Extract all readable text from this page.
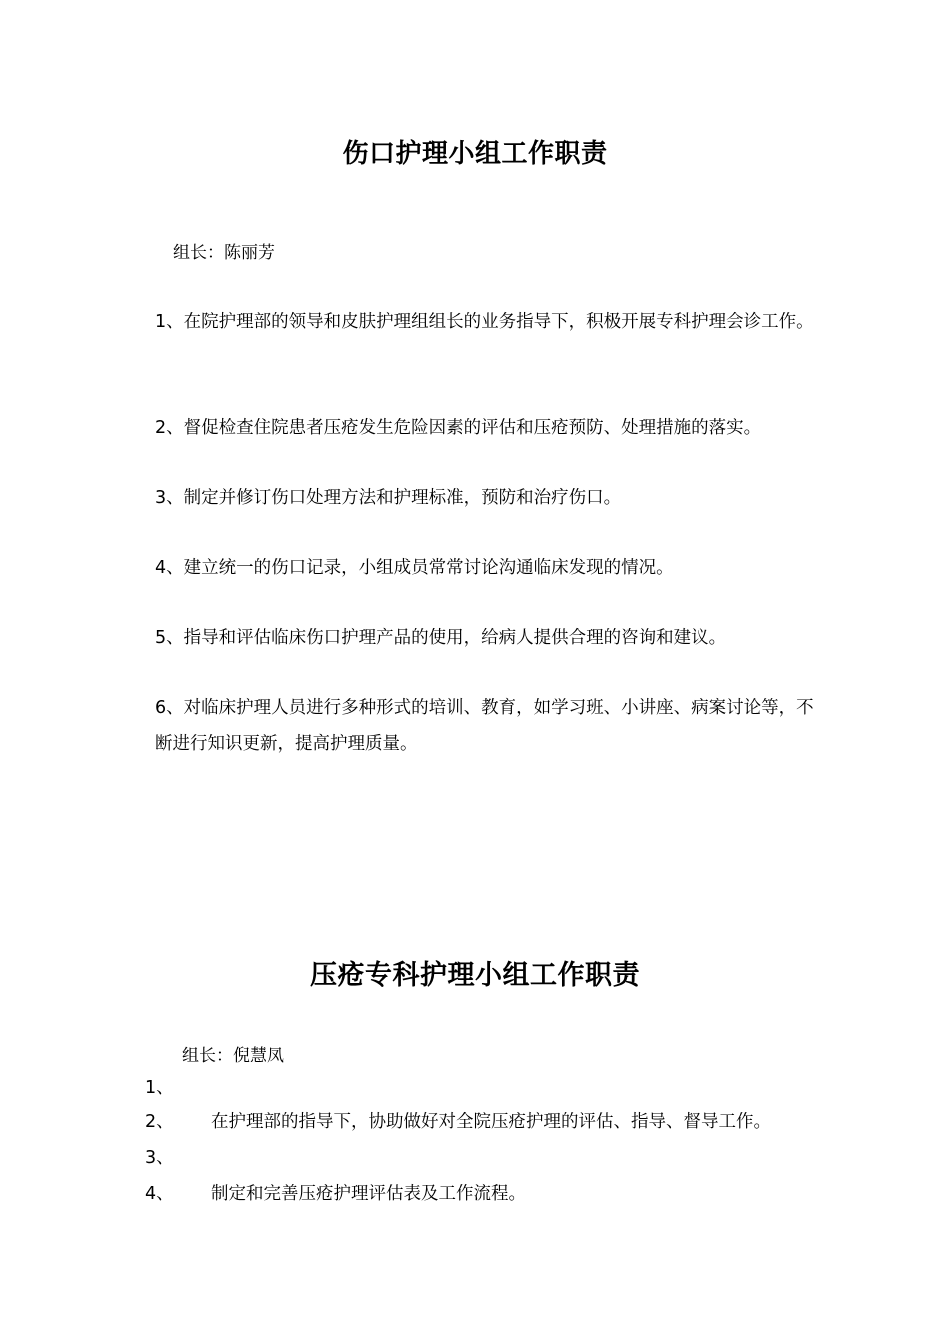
伤口护理小组工作职责
组长：陈丽芳
1、在院护理部的领导和皮肤护理组组长的业务指导下，积极开展专科护理会诊工作。
2、督促检查住院患者压疮发生危险因素的评估和压疮预防、处理措施的落实。
3、制定并修订伤口处理方法和护理标准，预防和治疗伤口。
4、建立统一的伤口记录，小组成员常常讨论沟通临床发现的情况。
5、指导和评估临床伤口护理产品的使用，给病人提供合理的咨询和建议。
6、对临床护理人员进行多种形式的培训、教育，如学习班、小讲座、病案讨论等，不断进行知识更新，提高护理质量。
压疮专科护理小组工作职责
组长：倪慧凤
1、
2、 在护理部的指导下，协助做好对全院压疮护理的评估、指导、督导工作。
3、
4、 制定和完善压疮护理评估表及工作流程。
